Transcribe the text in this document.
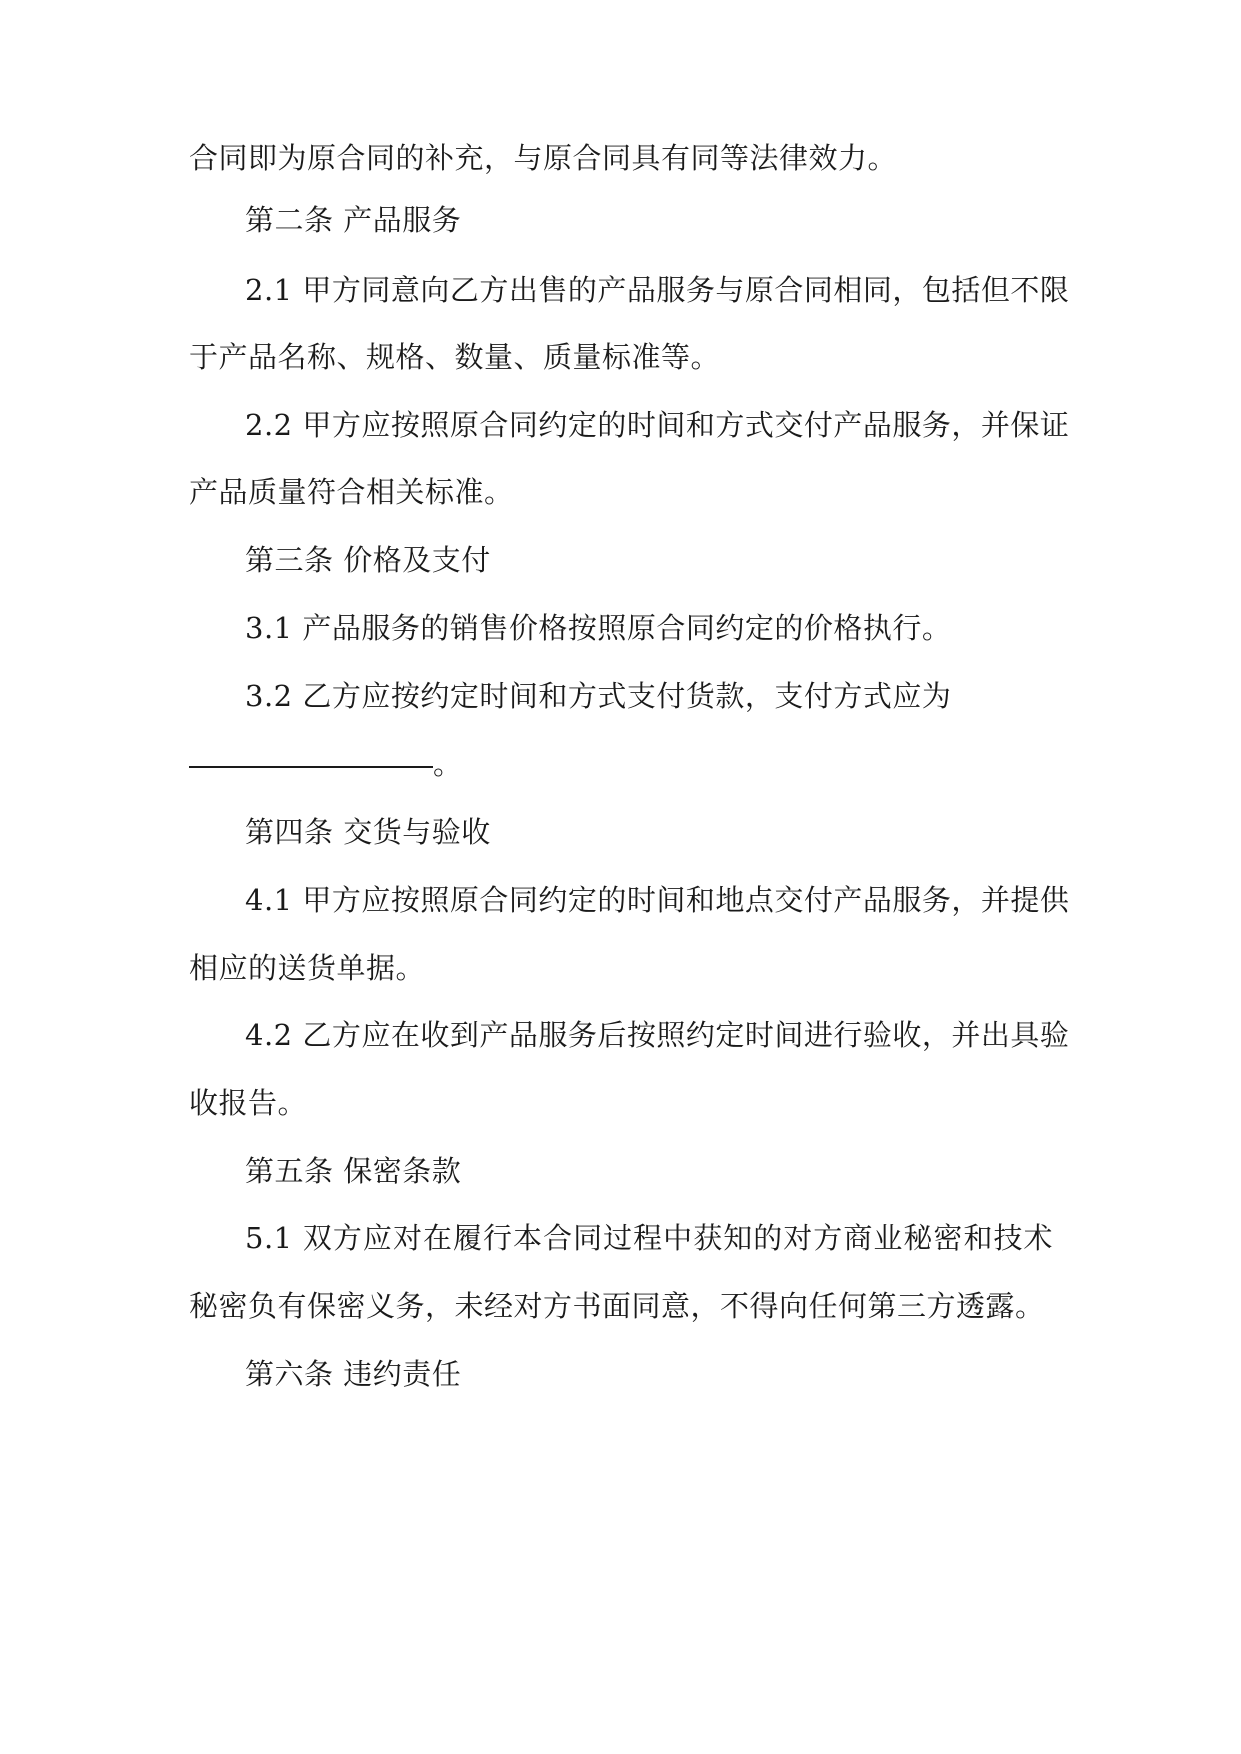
合同即为原合同的补充，与原合同具有同等法律效力。
第二条 产品服务
2.1 甲方同意向乙方出售的产品服务与原合同相同，包括但不限
于产品名称、规格、数量、质量标准等。
2.2 甲方应按照原合同约定的时间和方式交付产品服务，并保证
产品质量符合相关标准。
第三条 价格及支付
3.1 产品服务的销售价格按照原合同约定的价格执行。
3.2 乙方应按约定时间和方式支付货款，支付方式应为
。
第四条 交货与验收
4.1 甲方应按照原合同约定的时间和地点交付产品服务，并提供
相应的送货单据。
4.2 乙方应在收到产品服务后按照约定时间进行验收，并出具验
收报告。
第五条 保密条款
5.1 双方应对在履行本合同过程中获知的对方商业秘密和技术
秘密负有保密义务，未经对方书面同意，不得向任何第三方透露。
第六条 违约责任
